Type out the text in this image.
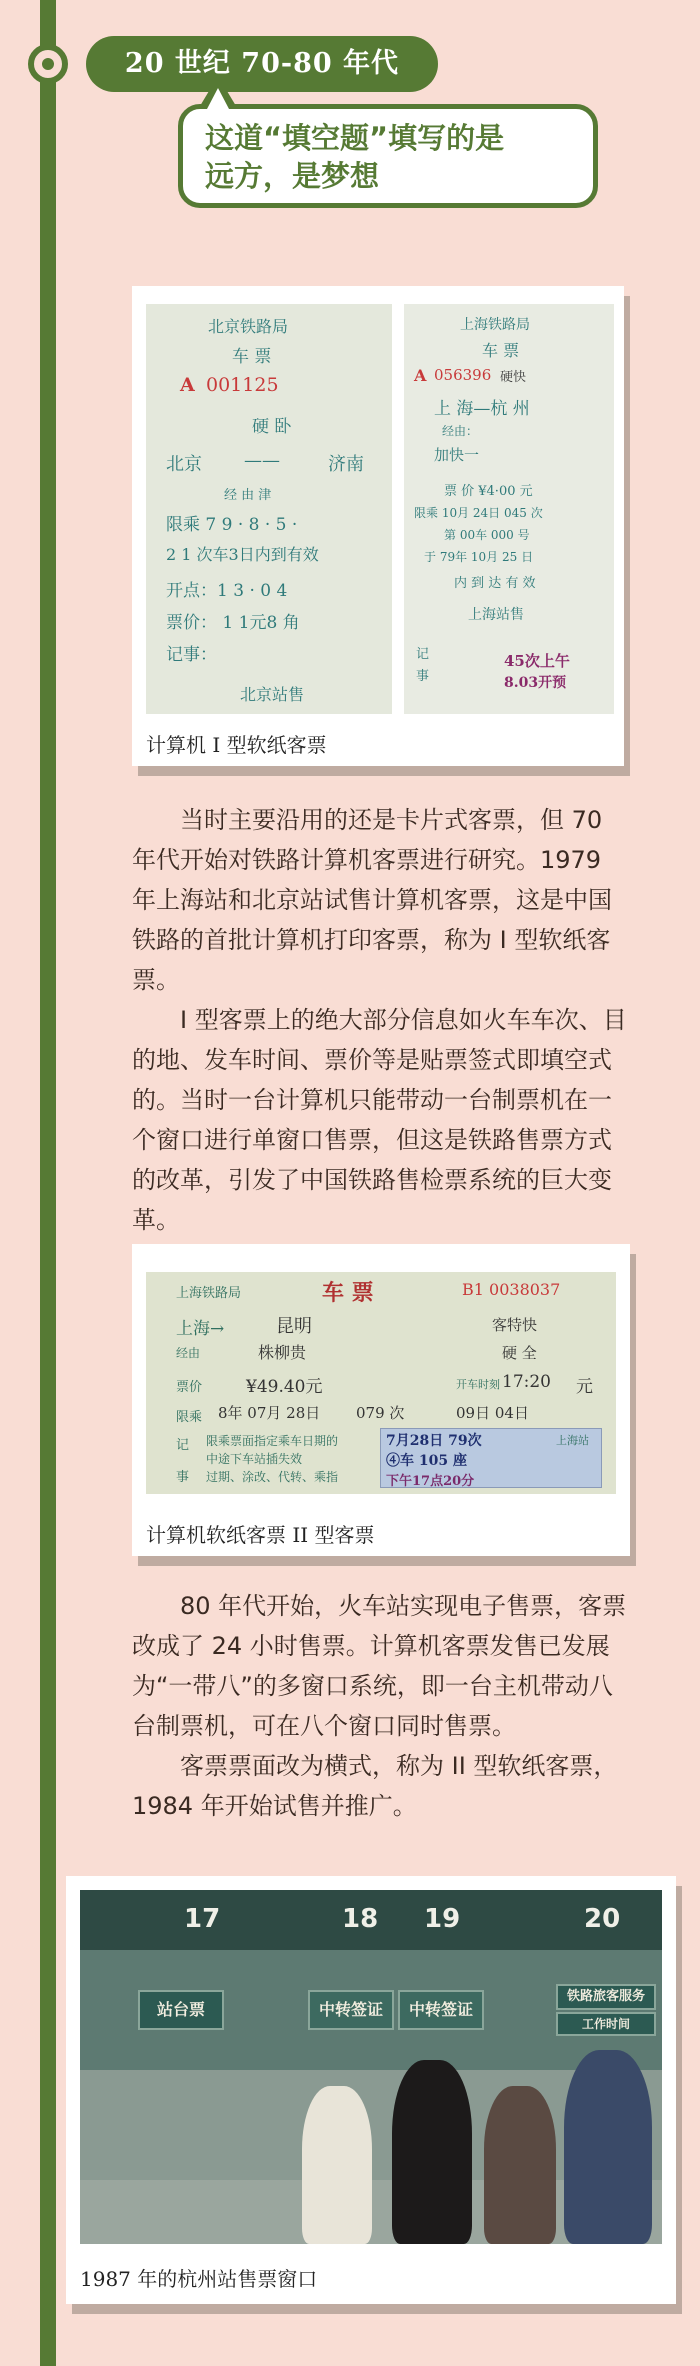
20 世纪 70-80 年代
这道“填空题”填写的是
远方，是梦想
北京铁路局
车 票
A 001125
硬 卧
北京 ——	济南
经 由 津
限乘 7 9 · 8 · 5 ·
2 1 次车3日内到有效
开点：1 3 · 0 4
票价： 1 1元8 角
记事：
北京站售
上海铁路局
车 票
A 056396 硬快
上 海—杭 州
经由：
加快一
票 价 ¥4·00 元
限乘 10月 24日 045 次
第 00车 000 号
于 79年 10月 25 日
内 到 达 有 效
上海站售
记 事
45次上午
8.03开预
计算机 I 型软纸客票

当时主要沿用的还是卡片式客票，但 70 年代开始对铁路计算机客票进行研究。1979 年上海站和北京站试售计算机客票，这是中国铁路的首批计算机打印客票，称为 I 型软纸客票。

I 型客票上的绝大部分信息如火车车次、目的地、发车时间、票价等是贴票签式即填空式的。当时一台计算机只能带动一台制票机在一个窗口进行单窗口售票，但这是铁路售票方式的改革，引发了中国铁路售检票系统的巨大变革。

上海铁路局	车 票	B1 0038037
上海→	昆明
经由	株柳贵
客特快
硬 全
票价	¥49.40元	开车时刻 17:20 元
限乘 8年 07月 28日 079 次	09日 04日
记
事
限乘票面指定乘车日期的
中途下车站插失效
过期、涂改、代转、乘指
7月28日 79次
④车 105 座
下午17点20分
上海站
计算机软纸客票 II 型客票

80 年代开始，火车站实现电子售票，客票改成了 24 小时售票。计算机客票发售已发展为“一带八”的多窗口系统，即一台主机带动八台制票机，可在八个窗口同时售票。

客票票面改为横式，称为 II 型软纸客票，1984 年开始试售并推广。

17	18 19	20
站台票	中转签证	中转签证
铁路旅客服务
工作时间
1987 年的杭州站售票窗口
